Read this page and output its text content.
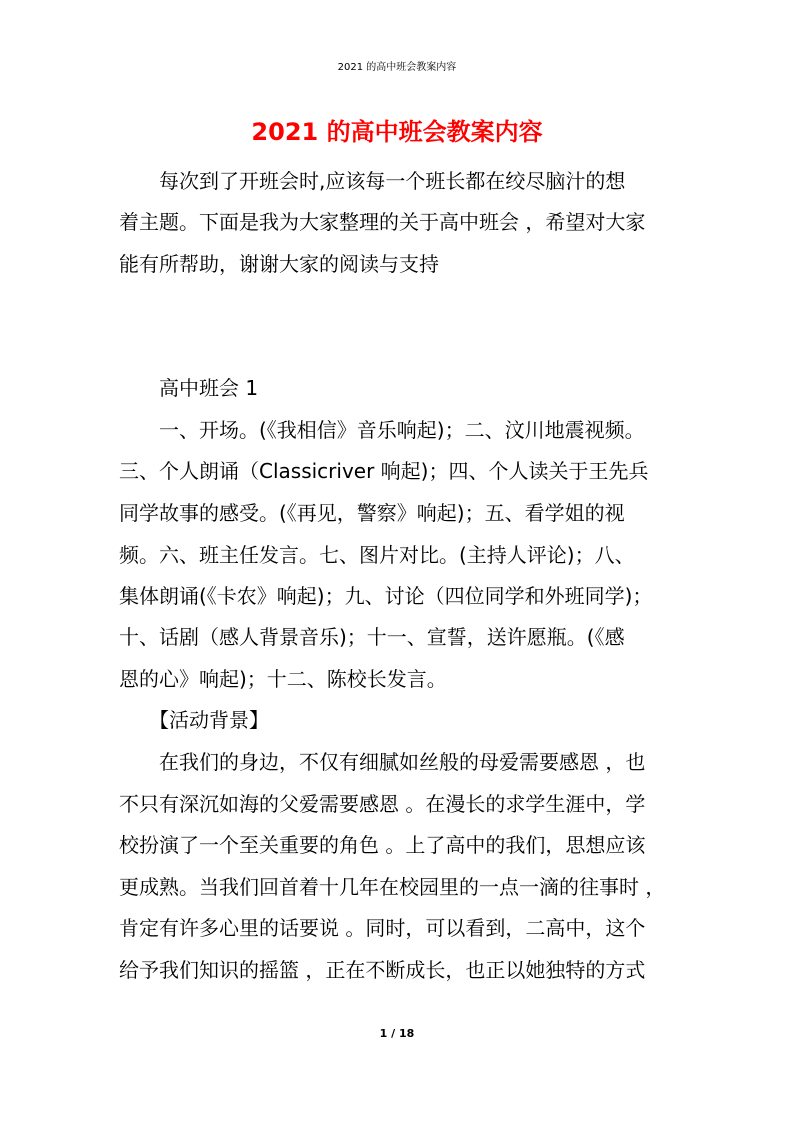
2021 的高中班会教案内容
2021 的高中班会教案内容
　　每次到了开班会时,应该每一个班长都在绞尽脑汁的想
着主题。下面是我为大家整理的关于高中班会 ，希望对大家
能有所帮助，谢谢大家的阅读与支持
　　高中班会 1
　　一、开场。(《我相信》音乐响起)；二、汶川地震视频。
三、个人朗诵（Classicriver 响起)；四、个人读关于王先兵
同学故事的感受。(《再见，警察》响起)；五、看学姐的视
频。六、班主任发言。七、图片对比。(主持人评论)；八、
集体朗诵(《卡农》响起)；九、讨论（四位同学和外班同学)；
十、话剧（感人背景音乐)；十一、宣誓，送许愿瓶。(《感
恩的心》响起)；十二、陈校长发言。
　　【活动背景】
　　在我们的身边，不仅有细腻如丝般的母爱需要感恩 ，也
不只有深沉如海的父爱需要感恩 。在漫长的求学生涯中，学
校扮演了一个至关重要的角色 。上了高中的我们，思想应该
更成熟。当我们回首着十几年在校园里的一点一滴的往事时 ，
肯定有许多心里的话要说 。同时，可以看到，二高中，这个
给予我们知识的摇篮 ，正在不断成长，也正以她独特的方式
1 / 18
